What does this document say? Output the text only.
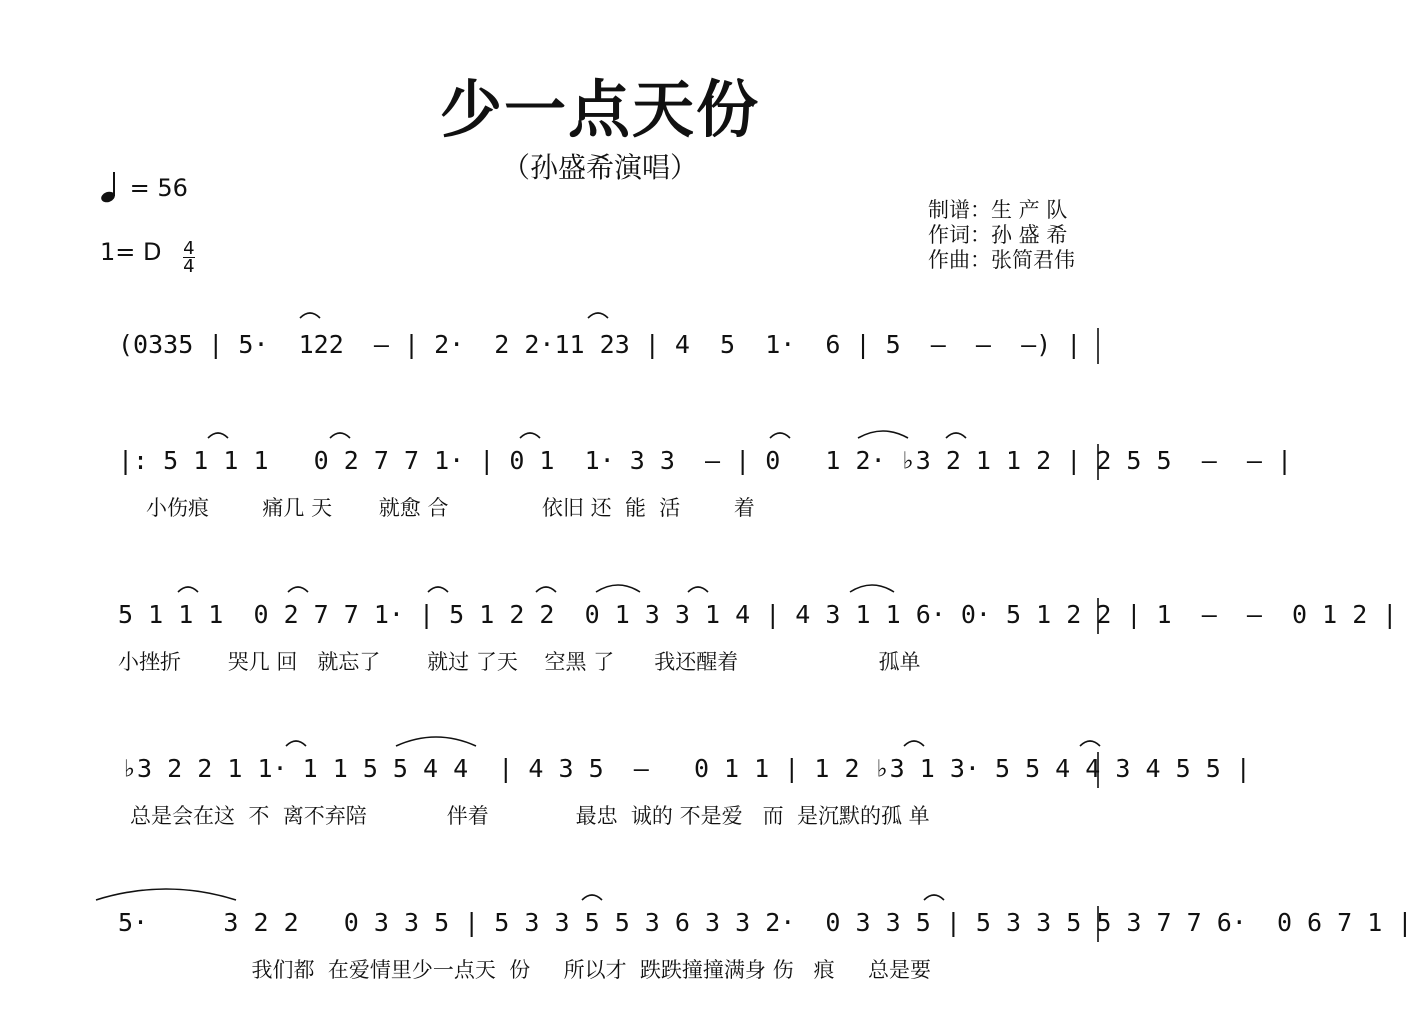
少一点天份
（孙盛希演唱）
= 56
1= D $\frac{4}{4}$
制谱：生 产 队
作词：孙 盛 希
作曲：张简君伟
(0335 | 5·  122  – | 2·  2 2·11 23 | 4  5  1·  6 | 5  –  –  –) |
|: 5 1 1 1   0 2 7 7 1· | 0 1  1· 3 3  – | 0   1 2· ♭3 2 1 1 2 | 2 5 5  –  – |
小伤痕        痛几 天       就愈 合              依旧 还  能  活        着
5 1 1 1  0 2 7 7 1· | 5 1 2 2  0 1 3 3 1 4 | 4 3 1 1 6· 0· 5 1 2 2 | 1  –  –  0 1 2 |
小挫折       哭几 回   就忘了       就过 了天    空黑 了      我还醒着                     孤单
♭3 2 2 1 1· 1 1 5 5 4 4  | 4 3 5  –   0 1 1 | 1 2 ♭3 1 3· 5 5 4 4 3 4 5 5 |
总是会在这  不  离不弃陪            伴着             最忠  诚的 不是爱   而  是沉默的孤 单
5·     3 2 2   0 3 3 5 | 5 3 3 5 5 3 6 3 3 2·  0 3 3 5 | 5 3 3 5 5 3 7 7 6·  0 6 7 1 |
我们都  在爱情里少一点天  份     所以才  跌跌撞撞满身 伤   痕     总是要
